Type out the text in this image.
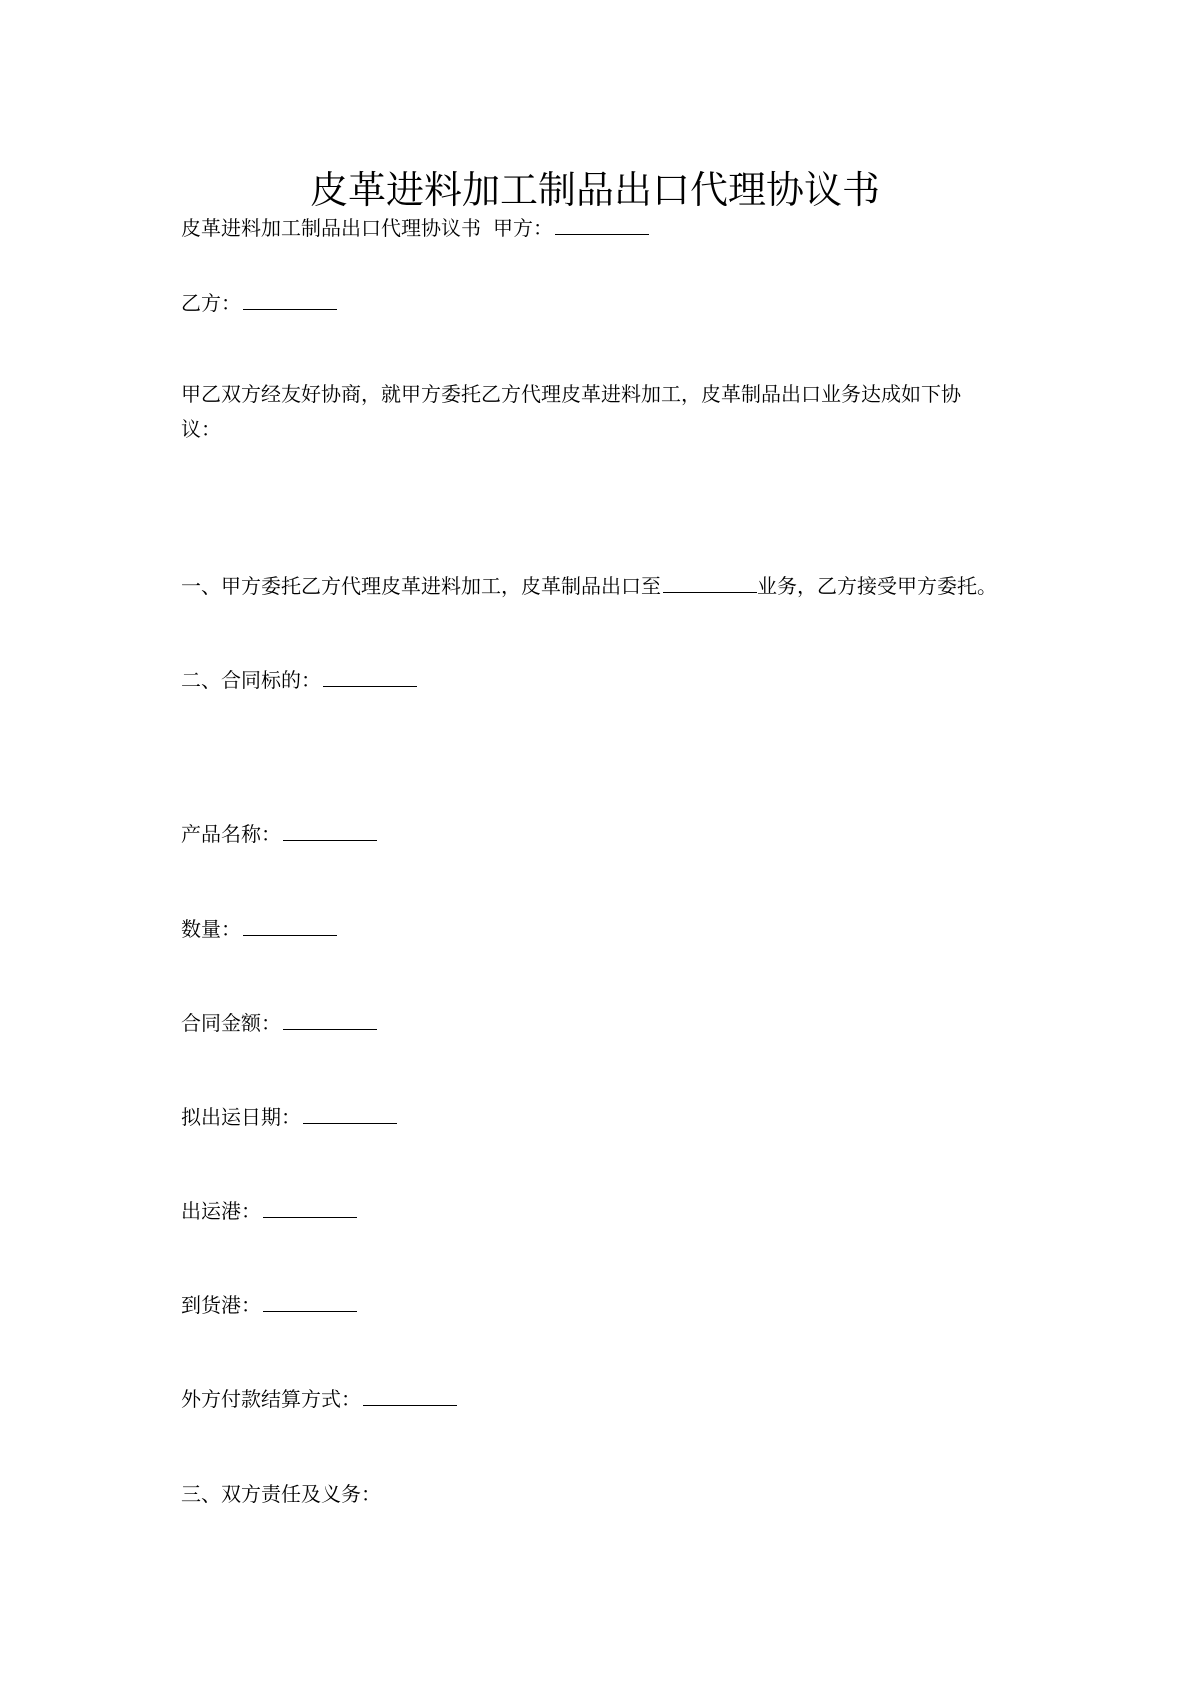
皮革进料加工制品出口代理协议书
皮革进料加工制品出口代理协议书 甲方：
乙方：
甲乙双方经友好协商，就甲方委托乙方代理皮革进料加工，皮革制品出口业务达成如下协
议：
一、甲方委托乙方代理皮革进料加工，皮革制品出口至	业务，乙方接受甲方委托。
二、合同标的：
产品名称：
数量：
合同金额：
拟出运日期：
出运港：
到货港：
外方付款结算方式：
三、双方责任及义务：
